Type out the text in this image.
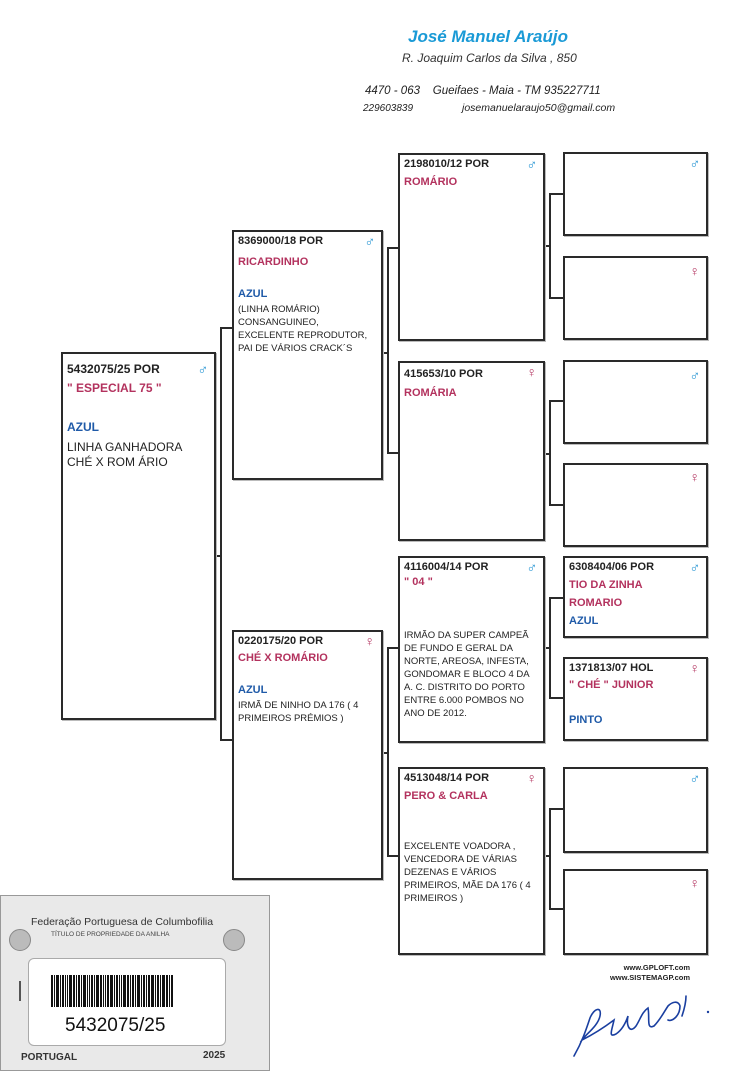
José Manuel Araújo
R. Joaquim Carlos da Silva , 850
4470 - 063    Gueifaes - Maia - TM 935227711
229603839	josemanuelaraujo50@gmail.com
5432075/25 POR	♂
" ESPECIAL 75 "
AZUL
LINHA GANHADORA
CHÉ X ROM ÁRIO
8369000/18 POR	♂
RICARDINHO
AZUL
(LINHA ROMÁRIO)
CONSANGUINEO,
EXCELENTE REPRODUTOR,
PAI DE VÁRIOS CRACK´S
0220175/20 POR	♀
CHÉ X ROMÁRIO
AZUL
IRMÃ DE NINHO DA 176 ( 4
PRIMEIROS PRÉMIOS )
2198010/12 POR	♂
ROMÁRIO
415653/10 POR	♀
ROMÁRIA
4116004/14 POR	♂
" 04 "
IRMÃO DA SUPER CAMPEÃ
DE FUNDO E GERAL DA
NORTE, AREOSA, INFESTA,
GONDOMAR E BLOCO 4 DA
A. C. DISTRITO DO PORTO
ENTRE 6.000 POMBOS NO
ANO DE 2012.
4513048/14 POR	♀
PERO & CARLA
EXCELENTE VOADORA ,
VENCEDORA DE VÁRIAS
DEZENAS E VÁRIOS
PRIMEIROS, MÃE DA 176 ( 4
PRIMEIROS )
♂
♀
♂
♀
6308404/06 POR	♂
TIO DA ZINHA
ROMARIO
AZUL
1371813/07 HOL	♀
" CHÉ " JUNIOR
PINTO
♂
♀
www.GPLOFT.com
www.SISTEMAGP.com
Federação Portuguesa de Columbofilia
TÍTULO DE PROPRIEDADE DA ANILHA
5432075/25
PORTUGAL	2025
